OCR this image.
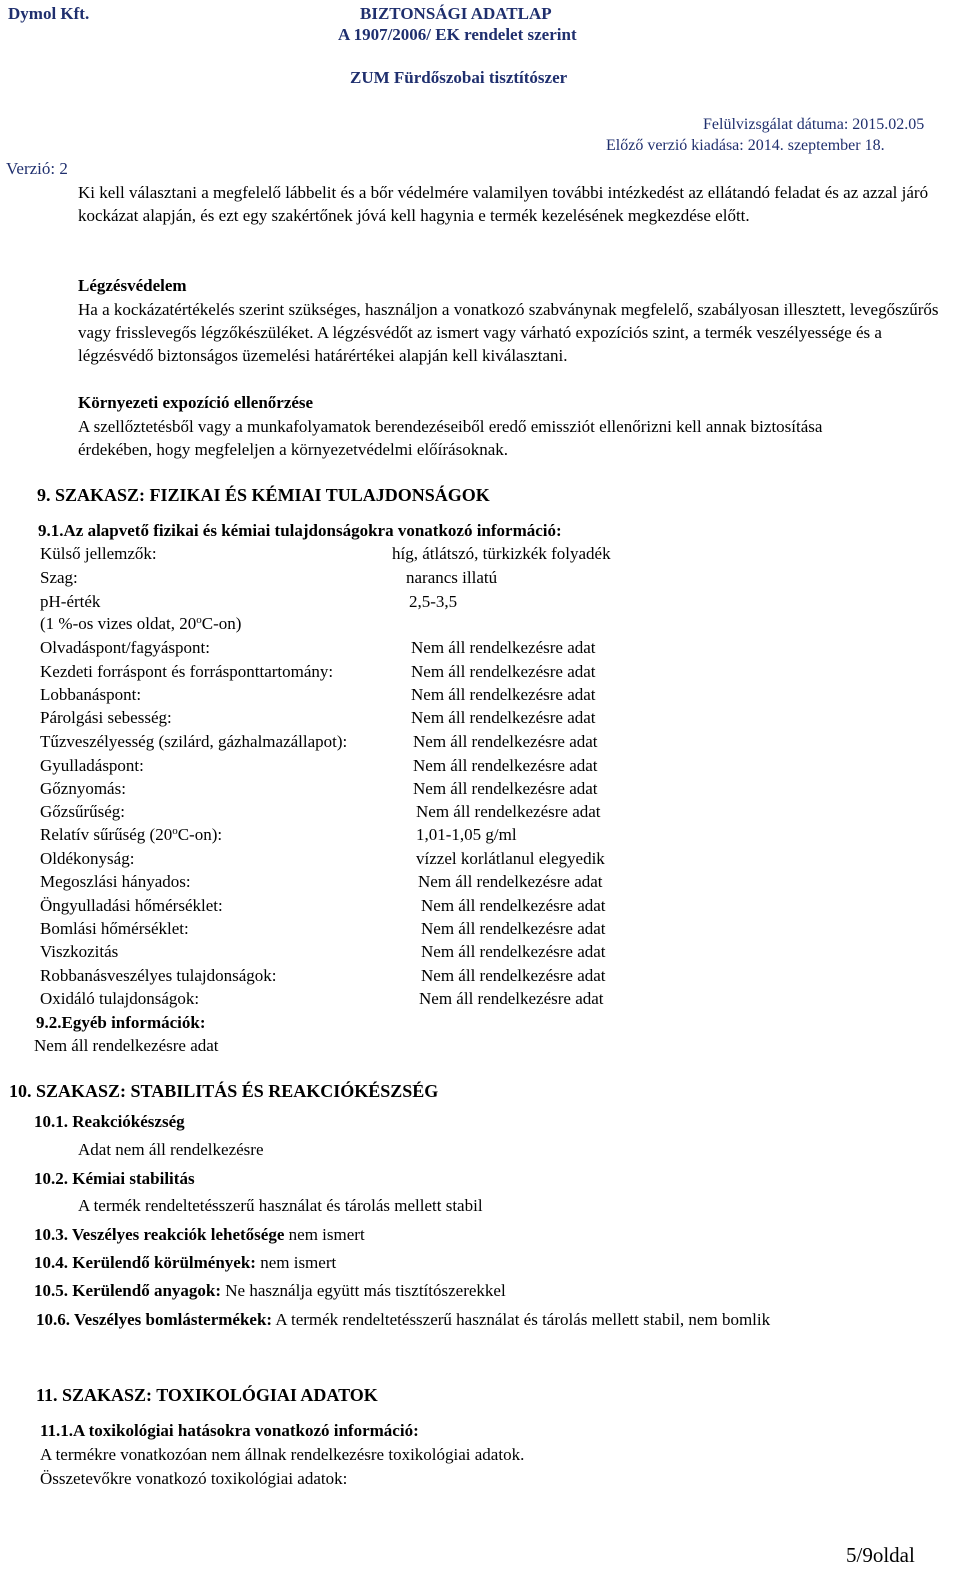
Dymol Kft.	BIZTONSÁGI ADATLAP
A 1907/2006/ EK rendelet szerint
ZUM Fürdőszobai tisztítószer
Felülvizsgálat dátuma: 2015.02.05
Előző verzió kiadása: 2014. szeptember 18.
Verzió: 2
Ki kell választani a megfelelő lábbelit és a bőr védelmére valamilyen további intézkedést az ellátandó feladat és az azzal járó kockázat alapján, és ezt egy szakértőnek jóvá kell hagynia e termék kezelésének megkezdése előtt.
Légzésvédelem
Ha a kockázatértékelés szerint szükséges, használjon a vonatkozó szabványnak megfelelő, szabályosan illesztett, levegőszűrős vagy frisslevegős légzőkészüléket. A légzésvédőt az ismert vagy várható expozíciós szint, a termék veszélyessége és a légzésvédő biztonságos üzemelési határértékei alapján kell kiválasztani.
Környezeti expozíció ellenőrzése
A szellőztetésből vagy a munkafolyamatok berendezéseiből eredő emissziót ellenőrizni kell annak biztosítása érdekében, hogy megfeleljen a környezetvédelmi előírásoknak.
9. SZAKASZ: FIZIKAI ÉS KÉMIAI TULAJDONSÁGOK
9.1.Az alapvető fizikai és kémiai tulajdonságokra vonatkozó információ:
Külső jellemzők:	híg, átlátszó, türkizkék folyadék
Szag:	narancs illatú
pH-érték	2,5-3,5
(1 %-os vizes oldat, 20$^o$C-on)
Olvadáspont/fagyáspont:	Nem áll rendelkezésre adat
Kezdeti forráspont és forrásponttartomány:	Nem áll rendelkezésre adat
Lobbanáspont:	Nem áll rendelkezésre adat
Párolgási sebesség:	Nem áll rendelkezésre adat
Tűzveszélyesség (szilárd, gázhalmazállapot):	Nem áll rendelkezésre adat
Gyulladáspont:	Nem áll rendelkezésre adat
Gőznyomás:	Nem áll rendelkezésre adat
Gőzsűrűség:	Nem áll rendelkezésre adat
Relatív sűrűség (20$^o$C-on):	1,01-1,05 g/ml
Oldékonyság:	vízzel korlátlanul elegyedik
Megoszlási hányados:	Nem áll rendelkezésre adat
Öngyulladási hőmérséklet:	Nem áll rendelkezésre adat
Bomlási hőmérséklet:	Nem áll rendelkezésre adat
Viszkozitás	Nem áll rendelkezésre adat
Robbanásveszélyes tulajdonságok:	Nem áll rendelkezésre adat
Oxidáló tulajdonságok:	Nem áll rendelkezésre adat
9.2.Egyéb információk:
Nem áll rendelkezésre adat
10. SZAKASZ: STABILITÁS ÉS REAKCIÓKÉSZSÉG
10.1. Reakciókészség
Adat nem áll rendelkezésre
10.2. Kémiai stabilitás
A termék rendeltetésszerű használat és tárolás mellett stabil
10.3. Veszélyes reakciók lehetősége nem ismert
10.4. Kerülendő körülmények: nem ismert
10.5. Kerülendő anyagok: Ne használja együtt más tisztítószerekkel
10.6. Veszélyes bomlástermékek: A termék rendeltetésszerű használat és tárolás mellett stabil, nem bomlik
11. SZAKASZ: TOXIKOLÓGIAI ADATOK
11.1.A toxikológiai hatásokra vonatkozó információ:
A termékre vonatkozóan nem állnak rendelkezésre toxikológiai adatok.
Összetevőkre vonatkozó toxikológiai adatok:
5/9oldal
